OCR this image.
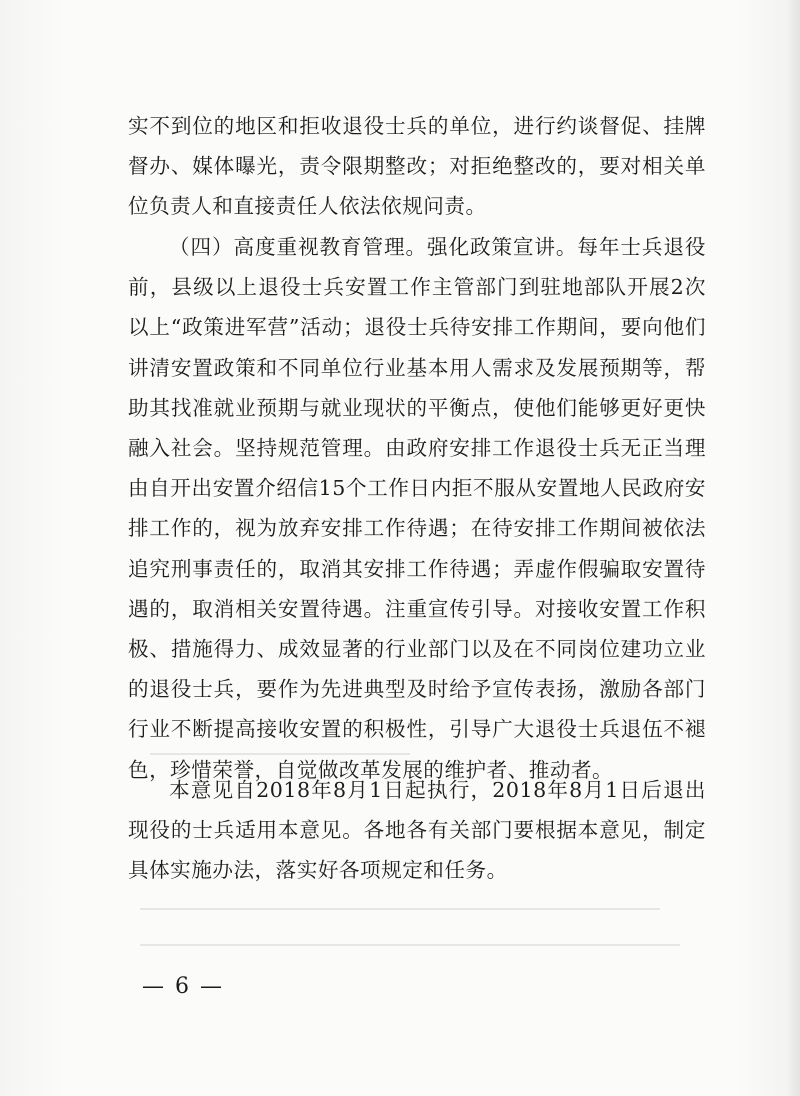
实不到位的地区和拒收退役士兵的单位，进行约谈督促、挂牌督办、媒体曝光，责令限期整改；对拒绝整改的，要对相关单位负责人和直接责任人依法依规问责。

（四）高度重视教育管理。强化政策宣讲。每年士兵退役前，县级以上退役士兵安置工作主管部门到驻地部队开展2次以上“政策进军营”活动；退役士兵待安排工作期间，要向他们讲清安置政策和不同单位行业基本用人需求及发展预期等，帮助其找准就业预期与就业现状的平衡点，使他们能够更好更快融入社会。坚持规范管理。由政府安排工作退役士兵无正当理由自开出安置介绍信15个工作日内拒不服从安置地人民政府安排工作的，视为放弃安排工作待遇；在待安排工作期间被依法追究刑事责任的，取消其安排工作待遇；弄虚作假骗取安置待遇的，取消相关安置待遇。注重宣传引导。对接收安置工作积极、措施得力、成效显著的行业部门以及在不同岗位建功立业的退役士兵，要作为先进典型及时给予宣传表扬，激励各部门行业不断提高接收安置的积极性，引导广大退役士兵退伍不褪色，珍惜荣誉，自觉做改革发展的维护者、推动者。

本意见自2018年8月1日起执行，2018年8月1日后退出现役的士兵适用本意见。各地各有关部门要根据本意见，制定具体实施办法，落实好各项规定和任务。

— 6 —
